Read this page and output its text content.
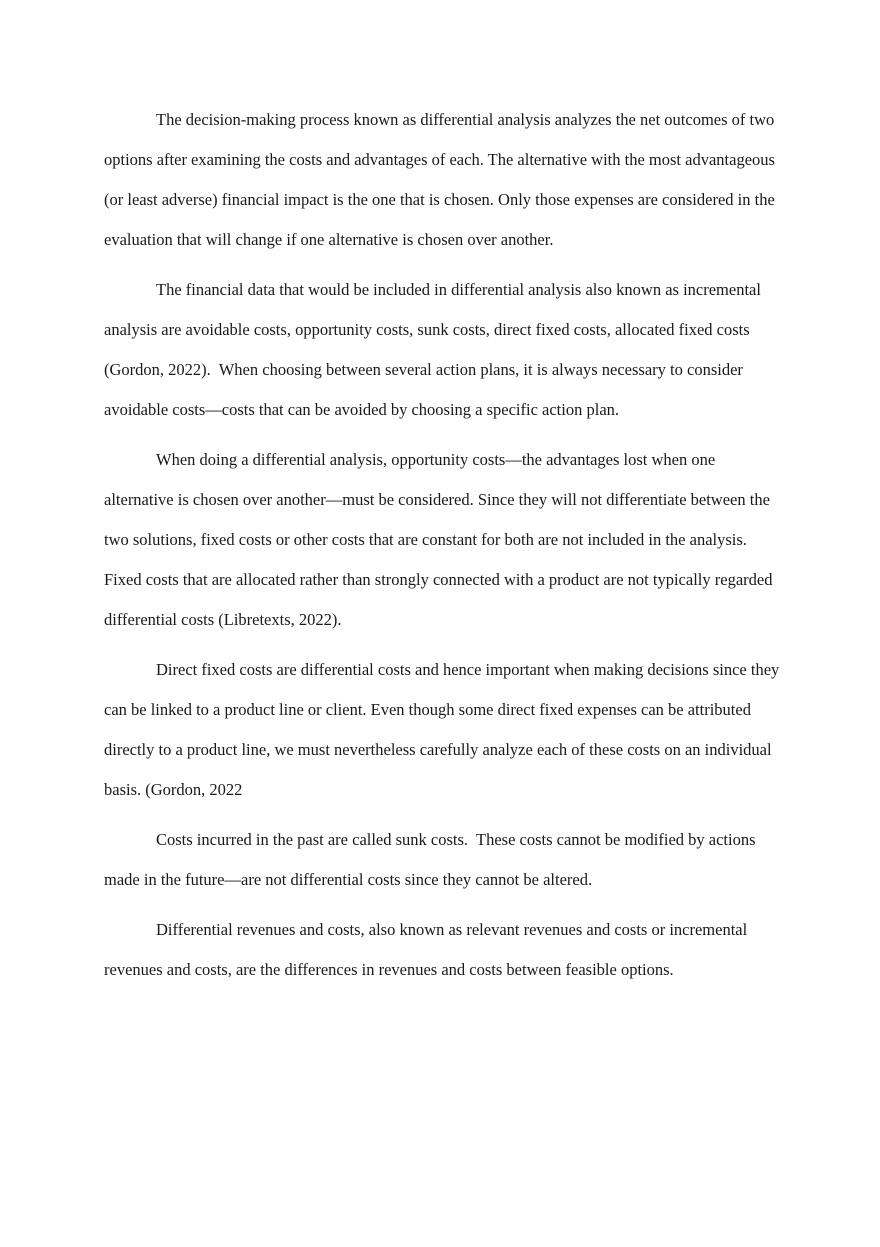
The decision-making process known as differential analysis analyzes the net outcomes of two options after examining the costs and advantages of each. The alternative with the most advantageous (or least adverse) financial impact is the one that is chosen. Only those expenses are considered in the evaluation that will change if one alternative is chosen over another.

The financial data that would be included in differential analysis also known as incremental analysis are avoidable costs, opportunity costs, sunk costs, direct fixed costs, allocated fixed costs (Gordon, 2022).  When choosing between several action plans, it is always necessary to consider avoidable costs—costs that can be avoided by choosing a specific action plan.

When doing a differential analysis, opportunity costs—the advantages lost when one alternative is chosen over another—must be considered. Since they will not differentiate between the two solutions, fixed costs or other costs that are constant for both are not included in the analysis.  Fixed costs that are allocated rather than strongly connected with a product are not typically regarded differential costs (Libretexts, 2022).

Direct fixed costs are differential costs and hence important when making decisions since they can be linked to a product line or client. Even though some direct fixed expenses can be attributed directly to a product line, we must nevertheless carefully analyze each of these costs on an individual basis. (Gordon, 2022

Costs incurred in the past are called sunk costs.  These costs cannot be modified by actions made in the future—are not differential costs since they cannot be altered.

Differential revenues and costs, also known as relevant revenues and costs or incremental revenues and costs, are the differences in revenues and costs between feasible options.
